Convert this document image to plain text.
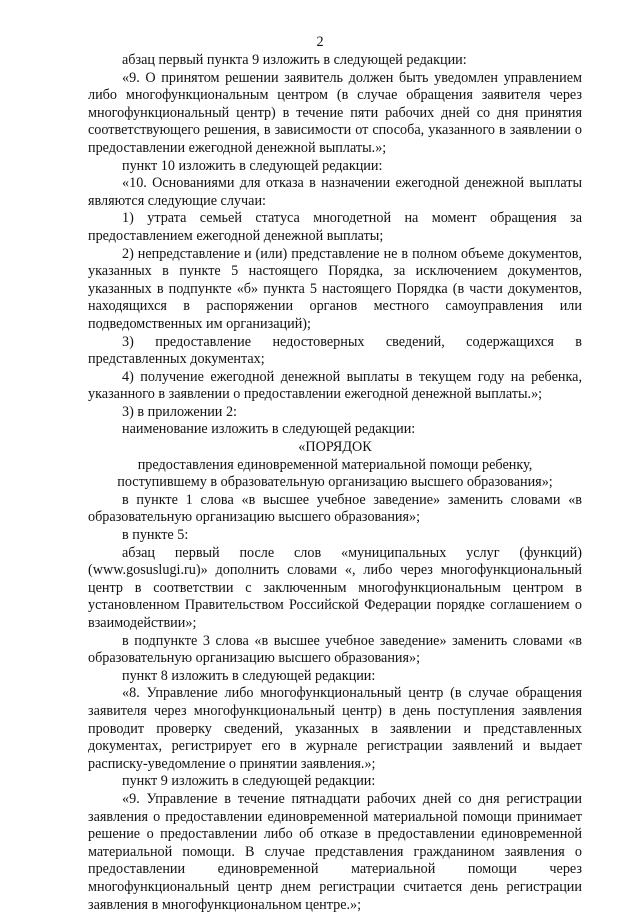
2

абзац первый пункта 9 изложить в следующей редакции:

«9. О принятом решении заявитель должен быть уведомлен управлением либо многофункциональным центром (в случае обращения заявителя через многофункциональный центр) в течение пяти рабочих дней со дня принятия соответствующего решения, в зависимости от способа, указанного в заявлении о предоставлении ежегодной денежной выплаты.»;

пункт 10 изложить в следующей редакции:

«10. Основаниями для отказа в назначении ежегодной денежной выплаты являются следующие случаи:

1) утрата семьей статуса многодетной на момент обращения за предоставлением ежегодной денежной выплаты;

2) непредставление и (или) представление не в полном объеме документов, указанных в пункте 5 настоящего Порядка, за исключением документов, указанных в подпункте «б» пункта 5 настоящего Порядка (в части документов, находящихся в распоряжении органов местного самоуправления или подведомственных им организаций);

3) предоставление недостоверных сведений, содержащихся в представленных документах;

4) получение ежегодной денежной выплаты в текущем году на ребенка, указанного в заявлении о предоставлении ежегодной денежной выплаты.»;

3) в приложении 2:

наименование изложить в следующей редакции:

«ПОРЯДОК

предоставления единовременной материальной помощи ребенку,

поступившему в образовательную организацию высшего образования»;

в пункте 1 слова «в высшее учебное заведение» заменить словами «в образовательную организацию высшего образования»;

в пункте 5:

абзац первый после слов «муниципальных услуг (функций) (www.gosuslugi.ru)» дополнить словами «, либо через многофункциональный центр в соответствии с заключенным многофункциональным центром в установленном Правительством Российской Федерации порядке соглашением о взаимодействии»;

в подпункте 3 слова «в высшее учебное заведение» заменить словами «в образовательную организацию высшего образования»;

пункт 8 изложить в следующей редакции:

«8. Управление либо многофункциональный центр (в случае обращения заявителя через многофункциональный центр) в день поступления заявления проводит проверку сведений, указанных в заявлении и представленных документах, регистрирует его в журнале регистрации заявлений и выдает расписку-уведомление о принятии заявления.»;

пункт 9 изложить в следующей редакции:

«9. Управление в течение пятнадцати рабочих дней со дня регистрации заявления о предоставлении единовременной материальной помощи принимает решение о предоставлении либо об отказе в предоставлении единовременной материальной помощи. В случае представления гражданином заявления о предоставлении единовременной материальной помощи через многофункциональный центр днем регистрации считается день регистрации заявления в многофункциональном центре.»;
